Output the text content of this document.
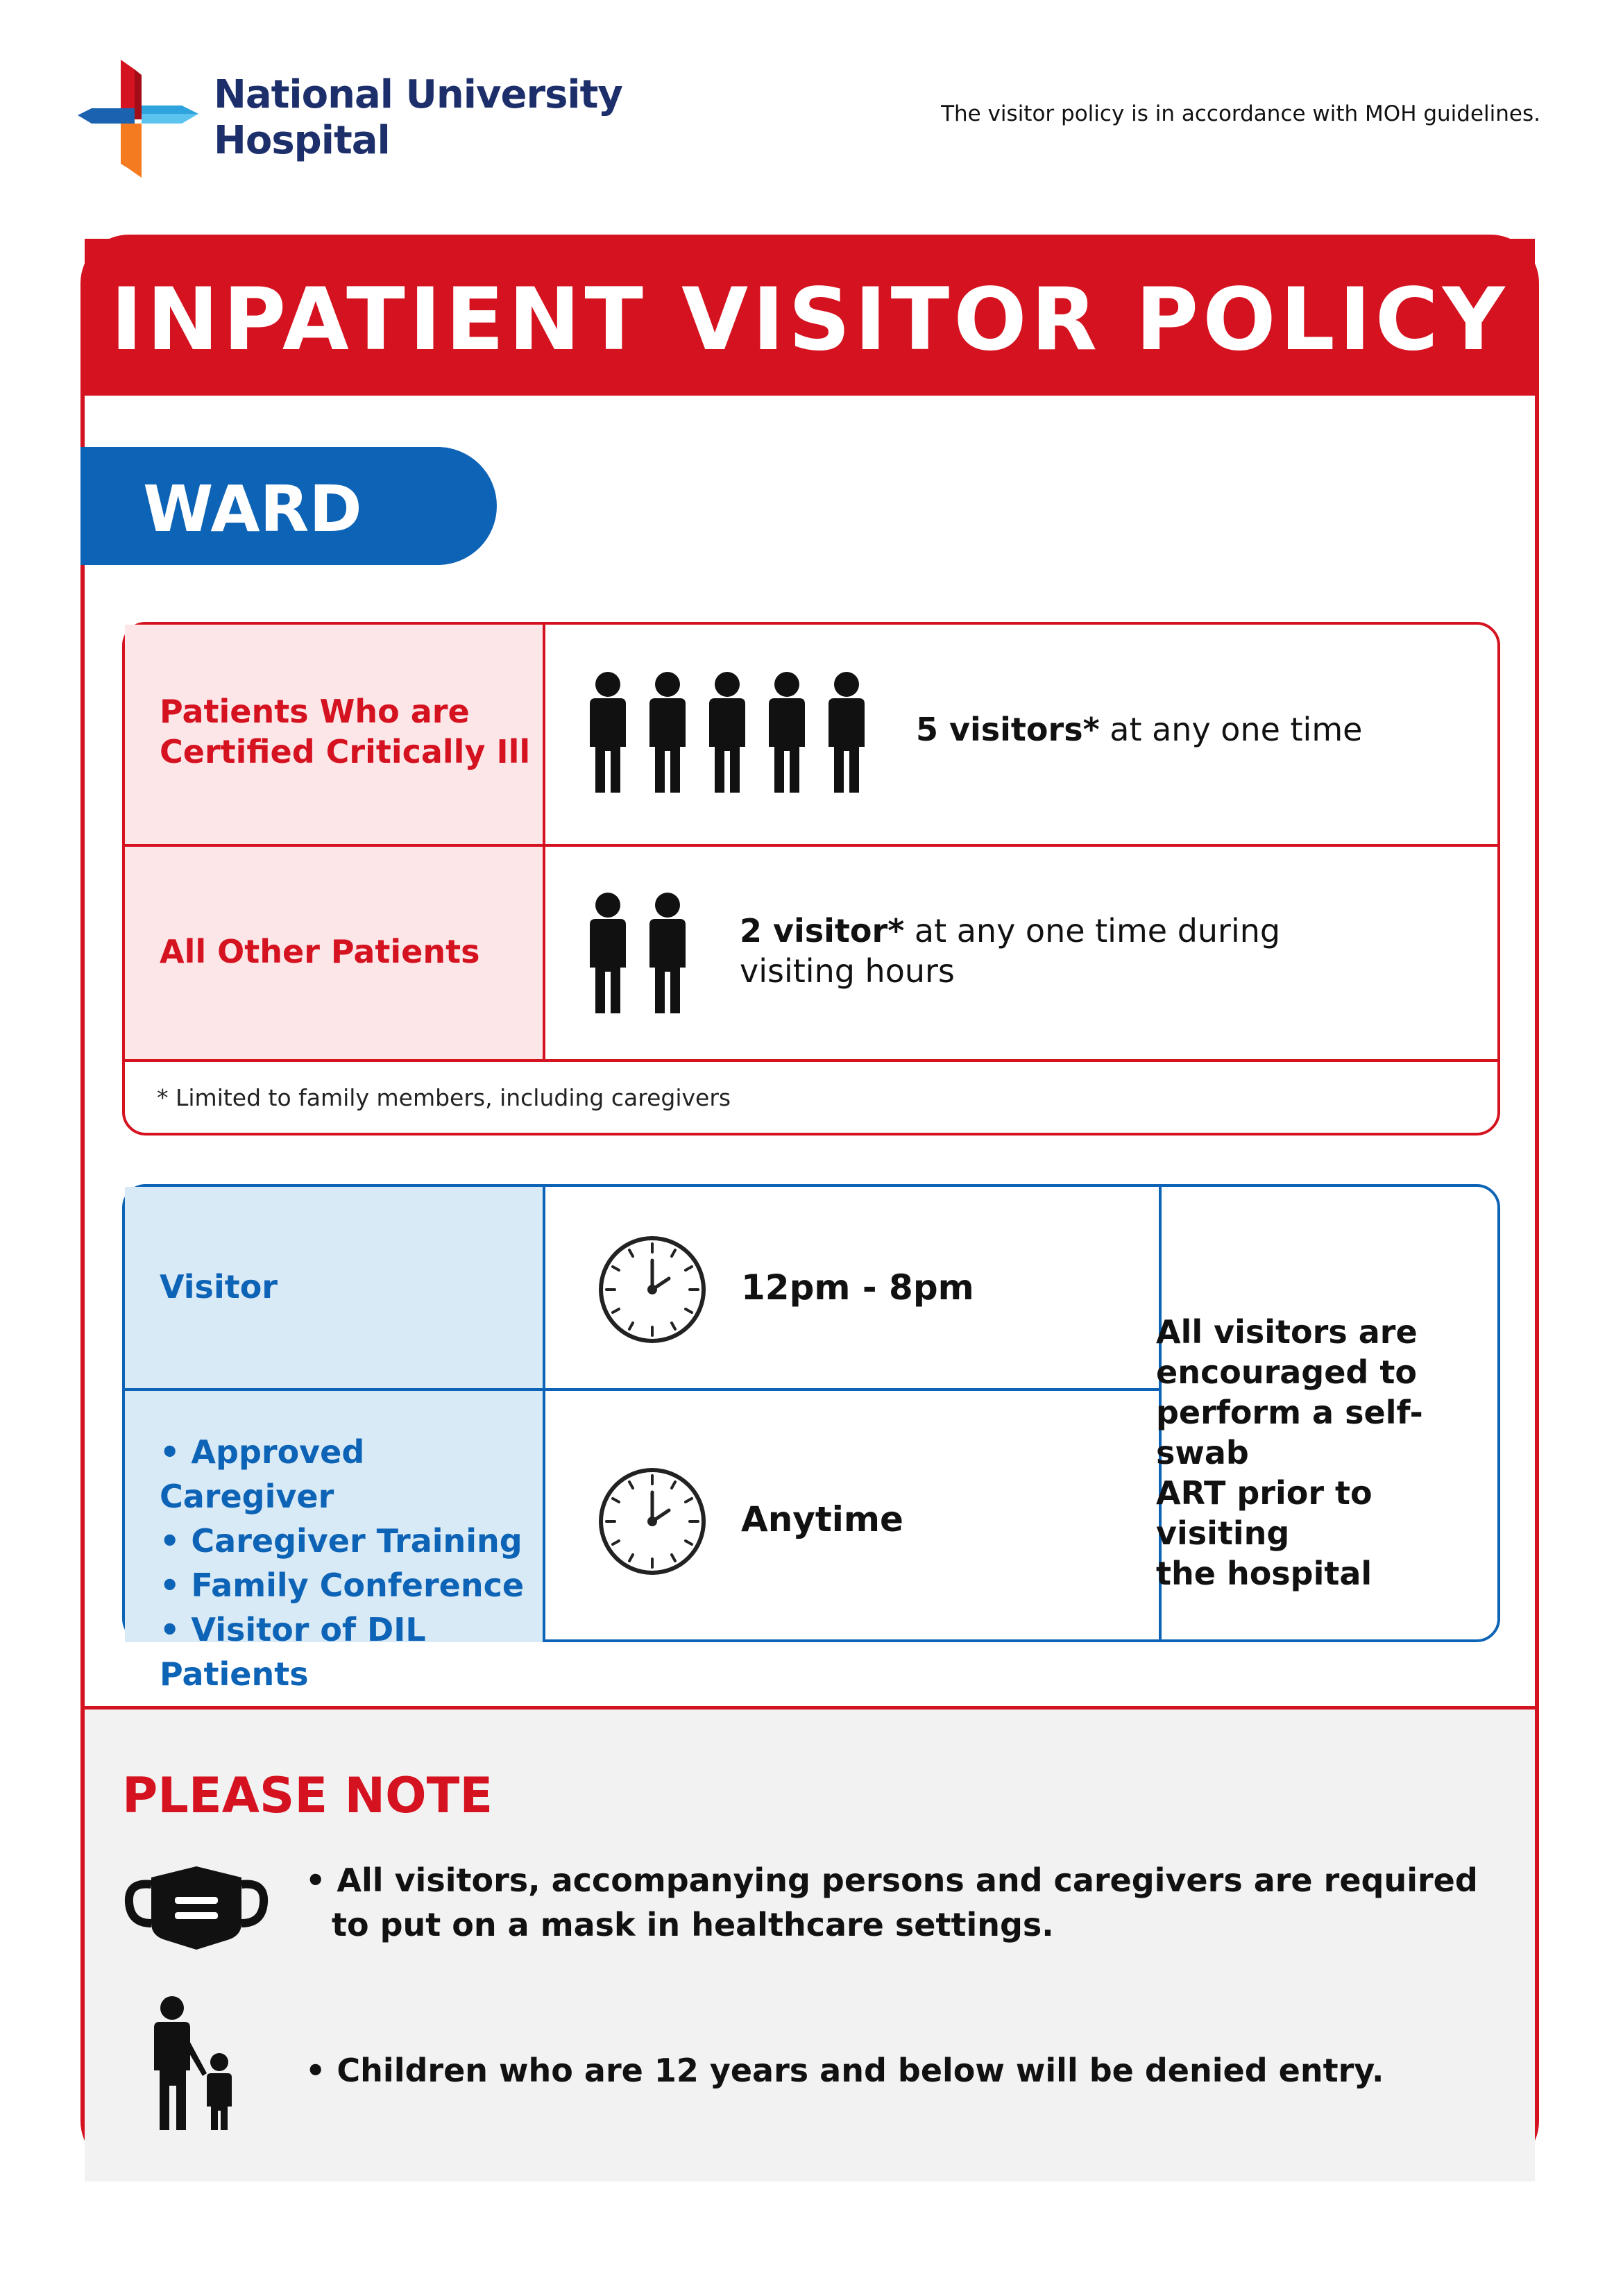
National University
Hospital
The visitor policy is in accordance with MOH guidelines.
INPATIENT VISITOR POLICY
WARD
Patients Who are
Certified Critically Ill
5 visitors* at any one time
All Other Patients
2 visitor* at any one time during
visiting hours
* Limited to family members, including caregivers
Visitor
• Approved Caregiver
• Caregiver Training
• Family Conference
• Visitor of DIL Patients
12pm - 8pm
Anytime
All visitors are
encouraged to
perform a self-swab
ART prior to visiting
the hospital
PLEASE NOTE
• All visitors, accompanying persons and caregivers are required
to put on a mask in healthcare settings.
• Children who are 12 years and below will be denied entry.
